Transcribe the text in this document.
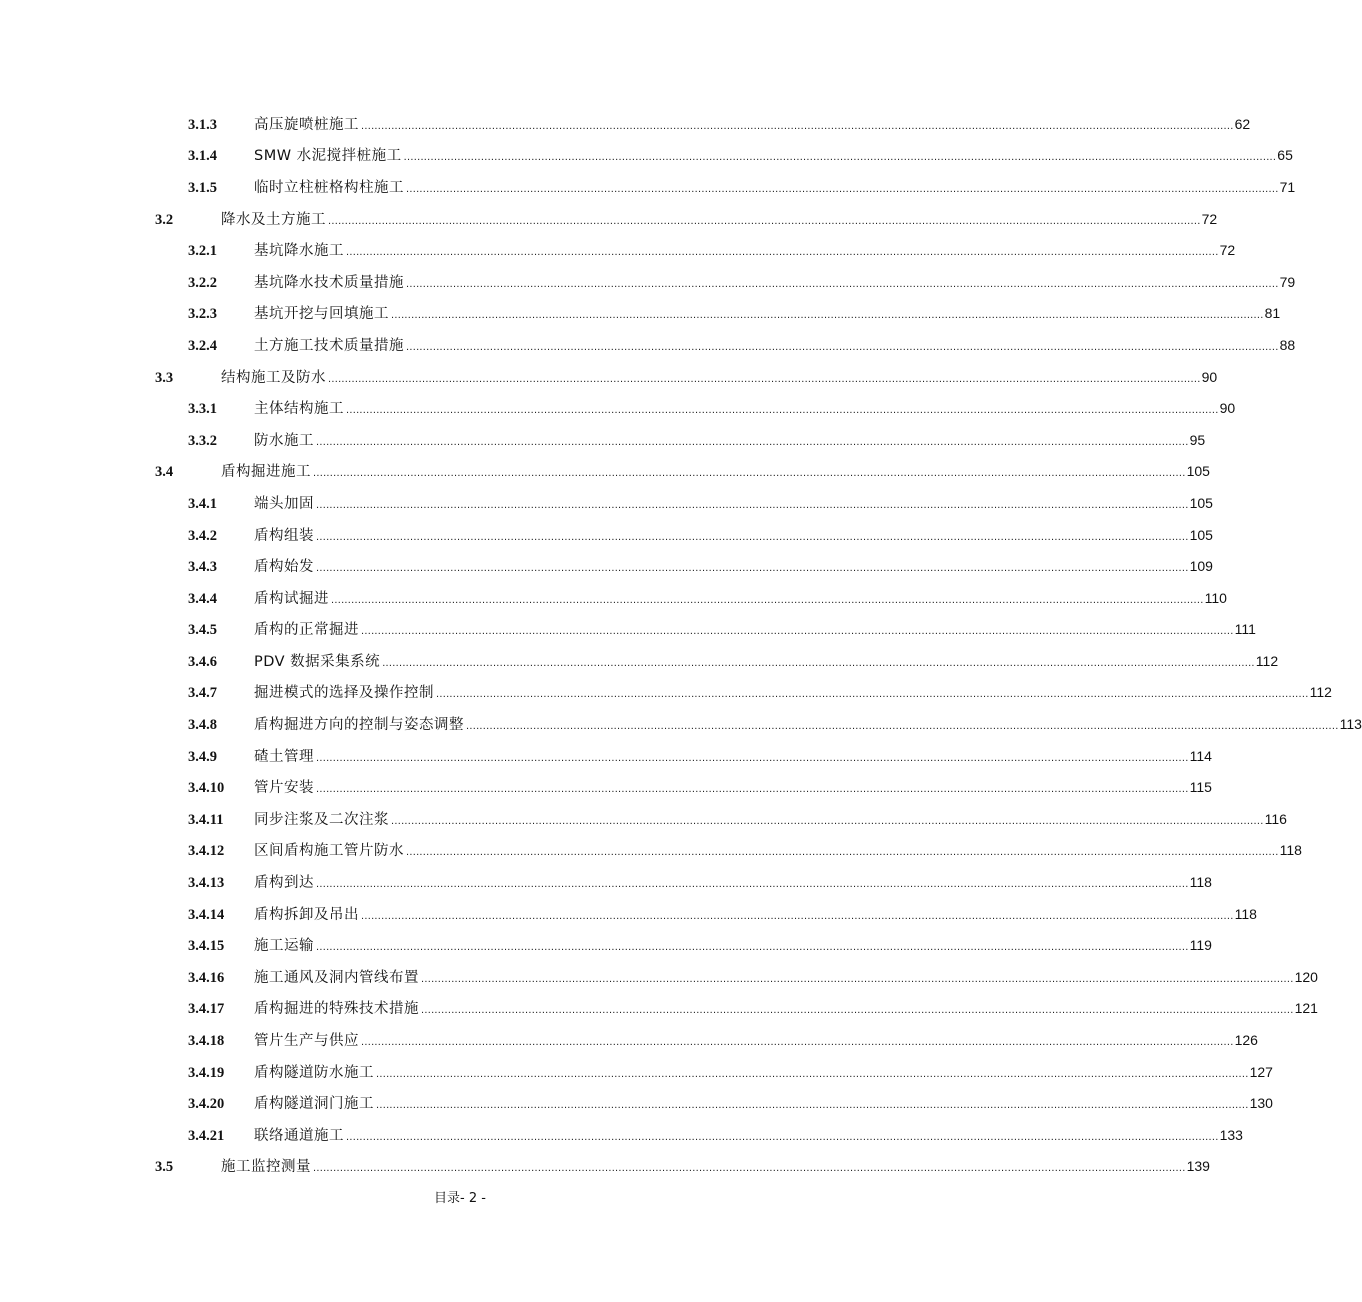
3.1.3	高压旋喷桩施工 .................................................................................................................................................................................................................................................................... 62
3.1.4	SMW 水泥搅拌桩施工 .................................................................................................................................................................................................................................................................... 65
3.1.5	临时立柱桩格构柱施工 .................................................................................................................................................................................................................................................................... 71
3.2	降水及土方施工 .................................................................................................................................................................................................................................................................... 72
3.2.1	基坑降水施工 .................................................................................................................................................................................................................................................................... 72
3.2.2	基坑降水技术质量措施 .................................................................................................................................................................................................................................................................... 79
3.2.3	基坑开挖与回填施工 .................................................................................................................................................................................................................................................................... 81
3.2.4	土方施工技术质量措施 .................................................................................................................................................................................................................................................................... 88
3.3	结构施工及防水 .................................................................................................................................................................................................................................................................... 90
3.3.1	主体结构施工 .................................................................................................................................................................................................................................................................... 90
3.3.2	防水施工 .................................................................................................................................................................................................................................................................... 95
3.4	盾构掘进施工 .................................................................................................................................................................................................................................................................... 105
3.4.1	端头加固 .................................................................................................................................................................................................................................................................... 105
3.4.2	盾构组装 .................................................................................................................................................................................................................................................................... 105
3.4.3	盾构始发 .................................................................................................................................................................................................................................................................... 109
3.4.4	盾构试掘进 .................................................................................................................................................................................................................................................................... 110
3.4.5	盾构的正常掘进 .................................................................................................................................................................................................................................................................... 111
3.4.6	PDV 数据采集系统 .................................................................................................................................................................................................................................................................... 112
3.4.7	掘进模式的选择及操作控制 .................................................................................................................................................................................................................................................................... 112
3.4.8	盾构掘进方向的控制与姿态调整 .................................................................................................................................................................................................................................................................... 113
3.4.9	碴土管理 .................................................................................................................................................................................................................................................................... 114
3.4.10 管片安装 .................................................................................................................................................................................................................................................................... 115
3.4.11 同步注浆及二次注浆 .................................................................................................................................................................................................................................................................... 116
3.4.12 区间盾构施工管片防水 .................................................................................................................................................................................................................................................................... 118
3.4.13 盾构到达 .................................................................................................................................................................................................................................................................... 118
3.4.14 盾构拆卸及吊出 .................................................................................................................................................................................................................................................................... 118
3.4.15 施工运输 .................................................................................................................................................................................................................................................................... 119
3.4.16 施工通风及洞内管线布置 .................................................................................................................................................................................................................................................................... 120
3.4.17 盾构掘进的特殊技术措施 .................................................................................................................................................................................................................................................................... 121
3.4.18 管片生产与供应 .................................................................................................................................................................................................................................................................... 126
3.4.19 盾构隧道防水施工 .................................................................................................................................................................................................................................................................... 127
3.4.20 盾构隧道洞门施工 .................................................................................................................................................................................................................................................................... 130
3.4.21 联络通道施工 .................................................................................................................................................................................................................................................................... 133
3.5	施工监控测量 .................................................................................................................................................................................................................................................................... 139
目录- 2 -
